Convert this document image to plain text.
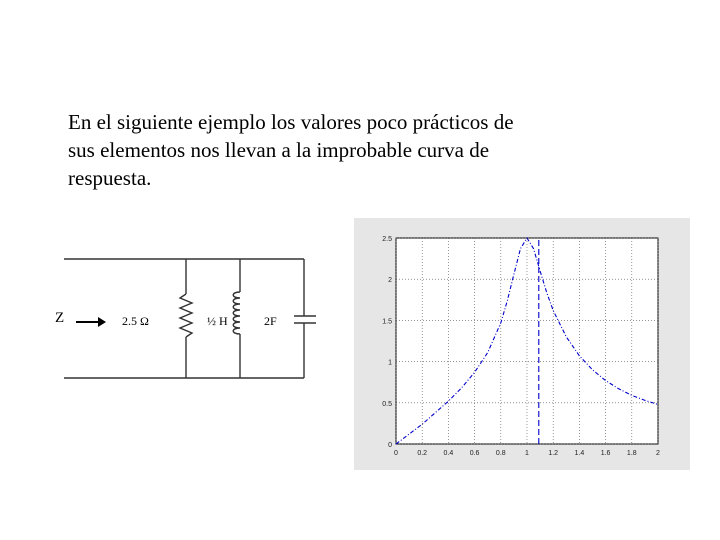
En el siguiente ejemplo los valores poco prácticos de
sus elementos nos llevan a la improbable curva de
respuesta.
Z	2.5 Ω	½ H	2F
0	0.2 0.4 0.6 0.8	1	1.2 1.4 1.6 1.8	2
0
0.5
1
1.5
2
2.5
